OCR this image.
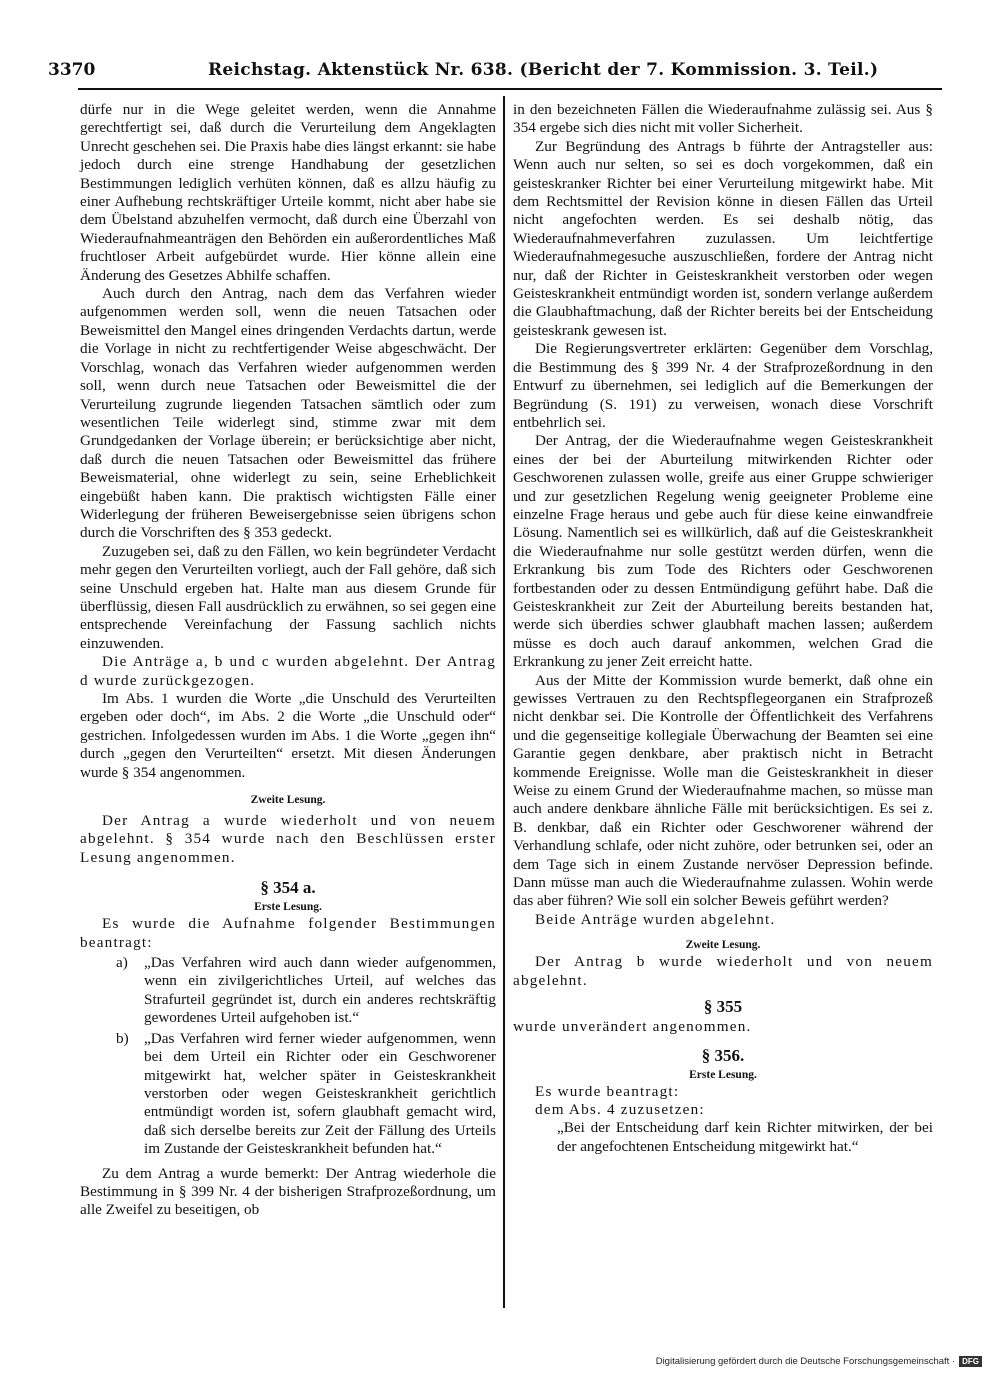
3370	Reichstag. Aktenstück Nr. 638. (Bericht der 7. Kommission. 3. Teil.)

dürfe nur in die Wege geleitet werden, wenn die Annahme gerechtfertigt sei, daß durch die Verurteilung dem Angeklagten Unrecht geschehen sei. Die Praxis habe dies längst erkannt: sie habe jedoch durch eine strenge Handhabung der gesetzlichen Bestimmungen lediglich verhüten können, daß es allzu häufig zu einer Aufhebung rechtskräftiger Urteile kommt, nicht aber habe sie dem Übelstand abzuhelfen vermocht, daß durch eine Überzahl von Wiederaufnahmeanträgen den Behörden ein außerordentliches Maß fruchtloser Arbeit aufgebürdet wurde. Hier könne allein eine Änderung des Gesetzes Abhilfe schaffen.

Auch durch den Antrag, nach dem das Verfahren wieder aufgenommen werden soll, wenn die neuen Tatsachen oder Beweismittel den Mangel eines dringenden Verdachts dartun, werde die Vorlage in nicht zu rechtfertigender Weise abgeschwächt. Der Vorschlag, wonach das Verfahren wieder aufgenommen werden soll, wenn durch neue Tatsachen oder Beweismittel die der Verurteilung zugrunde liegenden Tatsachen sämtlich oder zum wesentlichen Teile widerlegt sind, stimme zwar mit dem Grundgedanken der Vorlage überein; er berücksichtige aber nicht, daß durch die neuen Tatsachen oder Beweismittel das frühere Beweismaterial, ohne widerlegt zu sein, seine Erheblichkeit eingebüßt haben kann. Die praktisch wichtigsten Fälle einer Widerlegung der früheren Beweisergebnisse seien übrigens schon durch die Vorschriften des § 353 gedeckt.

Zuzugeben sei, daß zu den Fällen, wo kein begründeter Verdacht mehr gegen den Verurteilten vorliegt, auch der Fall gehöre, daß sich seine Unschuld ergeben hat. Halte man aus diesem Grunde für überflüssig, diesen Fall ausdrücklich zu erwähnen, so sei gegen eine entsprechende Vereinfachung der Fassung sachlich nichts einzuwenden.

Die Anträge a, b und c wurden abgelehnt. Der Antrag d wurde zurückgezogen.

Im Abs. 1 wurden die Worte „die Unschuld des Verurteilten ergeben oder doch“, im Abs. 2 die Worte „die Unschuld oder“ gestrichen. Infolgedessen wurden im Abs. 1 die Worte „gegen ihn“ durch „gegen den Verurteilten“ ersetzt. Mit diesen Änderungen wurde § 354 angenommen.

Zweite Lesung.

Der Antrag a wurde wiederholt und von neuem abgelehnt. § 354 wurde nach den Beschlüssen erster Lesung angenommen.

§ 354 a.

Erste Lesung.

Es wurde die Aufnahme folgender Bestimmungen beantragt:

a)	„Das Verfahren wird auch dann wieder aufgenommen, wenn ein zivilgerichtliches Urteil, auf welches das Strafurteil gegründet ist, durch ein anderes rechtskräftig gewordenes Urteil aufgehoben ist.“
b)	„Das Verfahren wird ferner wieder aufgenommen, wenn bei dem Urteil ein Richter oder ein Geschworener mitgewirkt hat, welcher später in Geisteskrankheit verstorben oder wegen Geisteskrankheit gerichtlich entmündigt worden ist, sofern glaubhaft gemacht wird, daß sich derselbe bereits zur Zeit der Fällung des Urteils im Zustande der Geisteskrankheit befunden hat.“

Zu dem Antrag a wurde bemerkt: Der Antrag wiederhole die Bestimmung in § 399 Nr. 4 der bisherigen Strafprozeßordnung, um alle Zweifel zu beseitigen, ob

in den bezeichneten Fällen die Wiederaufnahme zulässig sei. Aus § 354 ergebe sich dies nicht mit voller Sicherheit.

Zur Begründung des Antrags b führte der Antragsteller aus: Wenn auch nur selten, so sei es doch vorgekommen, daß ein geisteskranker Richter bei einer Verurteilung mitgewirkt habe. Mit dem Rechtsmittel der Revision könne in diesen Fällen das Urteil nicht angefochten werden. Es sei deshalb nötig, das Wiederaufnahmeverfahren zuzulassen. Um leichtfertige Wiederaufnahmegesuche auszuschließen, fordere der Antrag nicht nur, daß der Richter in Geisteskrankheit verstorben oder wegen Geisteskrankheit entmündigt worden ist, sondern verlange außerdem die Glaubhaftmachung, daß der Richter bereits bei der Entscheidung geisteskrank gewesen ist.

Die Regierungsvertreter erklärten: Gegenüber dem Vorschlag, die Bestimmung des § 399 Nr. 4 der Strafprozeßordnung in den Entwurf zu übernehmen, sei lediglich auf die Bemerkungen der Begründung (S. 191) zu verweisen, wonach diese Vorschrift entbehrlich sei.

Der Antrag, der die Wiederaufnahme wegen Geisteskrankheit eines der bei der Aburteilung mitwirkenden Richter oder Geschworenen zulassen wolle, greife aus einer Gruppe schwieriger und zur gesetzlichen Regelung wenig geeigneter Probleme eine einzelne Frage heraus und gebe auch für diese keine einwandfreie Lösung. Namentlich sei es willkürlich, daß auf die Geisteskrankheit die Wiederaufnahme nur solle gestützt werden dürfen, wenn die Erkrankung bis zum Tode des Richters oder Geschworenen fortbestanden oder zu dessen Entmündigung geführt habe. Daß die Geisteskrankheit zur Zeit der Aburteilung bereits bestanden hat, werde sich überdies schwer glaubhaft machen lassen; außerdem müsse es doch auch darauf ankommen, welchen Grad die Erkrankung zu jener Zeit erreicht hatte.

Aus der Mitte der Kommission wurde bemerkt, daß ohne ein gewisses Vertrauen zu den Rechtspflegeorganen ein Strafprozeß nicht denkbar sei. Die Kontrolle der Öffentlichkeit des Verfahrens und die gegenseitige kollegiale Überwachung der Beamten sei eine Garantie gegen denkbare, aber praktisch nicht in Betracht kommende Ereignisse. Wolle man die Geisteskrankheit in dieser Weise zu einem Grund der Wiederaufnahme machen, so müsse man auch andere denkbare ähnliche Fälle mit berücksichtigen. Es sei z. B. denkbar, daß ein Richter oder Geschworener während der Verhandlung schlafe, oder nicht zuhöre, oder betrunken sei, oder an dem Tage sich in einem Zustande nervöser Depression befinde. Dann müsse man auch die Wiederaufnahme zulassen. Wohin werde das aber führen? Wie soll ein solcher Beweis geführt werden?

Beide Anträge wurden abgelehnt.

Zweite Lesung.

Der Antrag b wurde wiederholt und von neuem abgelehnt.

§ 355

wurde unverändert angenommen.

§ 356.

Erste Lesung.

Es wurde beantragt:

dem Abs. 4 zuzusetzen:

„Bei der Entscheidung darf kein Richter mitwirken, der bei der angefochtenen Entscheidung mitgewirkt hat.“

Digitalisierung gefördert durch die Deutsche Forschungsgemeinschaft · DFG
